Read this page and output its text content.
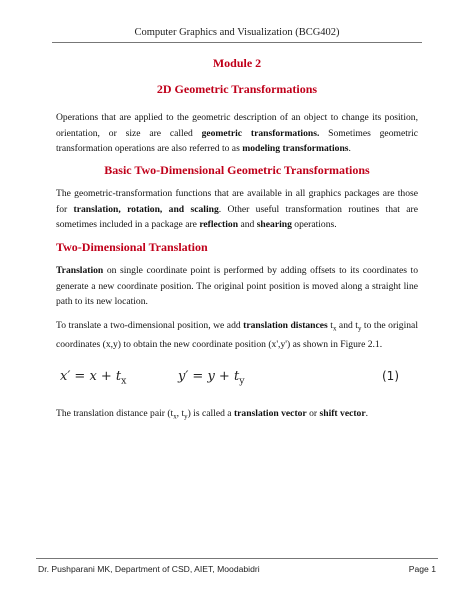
Computer Graphics and Visualization (BCG402)
Module 2
2D Geometric Transformations

Operations that are applied to the geometric description of an object to change its position, orientation, or size are called geometric transformations. Sometimes geometric transformation operations are also referred to as modeling transformations.

Basic Two-Dimensional Geometric Transformations

The geometric-transformation functions that are available in all graphics packages are those for translation, rotation, and scaling. Other useful transformation routines that are sometimes included in a package are reflection and shearing operations.

Two-Dimensional Translation

Translation on single coordinate point is performed by adding offsets to its coordinates to generate a new coordinate position. The original point position is moved along a straight line path to its new location.

To translate a two-dimensional position, we add translation distances $t_x$ and $t_y$ to the original coordinates (x,y) to obtain the new coordinate position (x',y') as shown in Figure 2.1.

$x' = x + t_x$	$y' = y + t_y$	(1)

The translation distance pair ($t_x$, $t_y$) is called a translation vector or shift vector.

Dr. Pushparani MK, Department of CSD, AIET, Moodabidri	Page 1
